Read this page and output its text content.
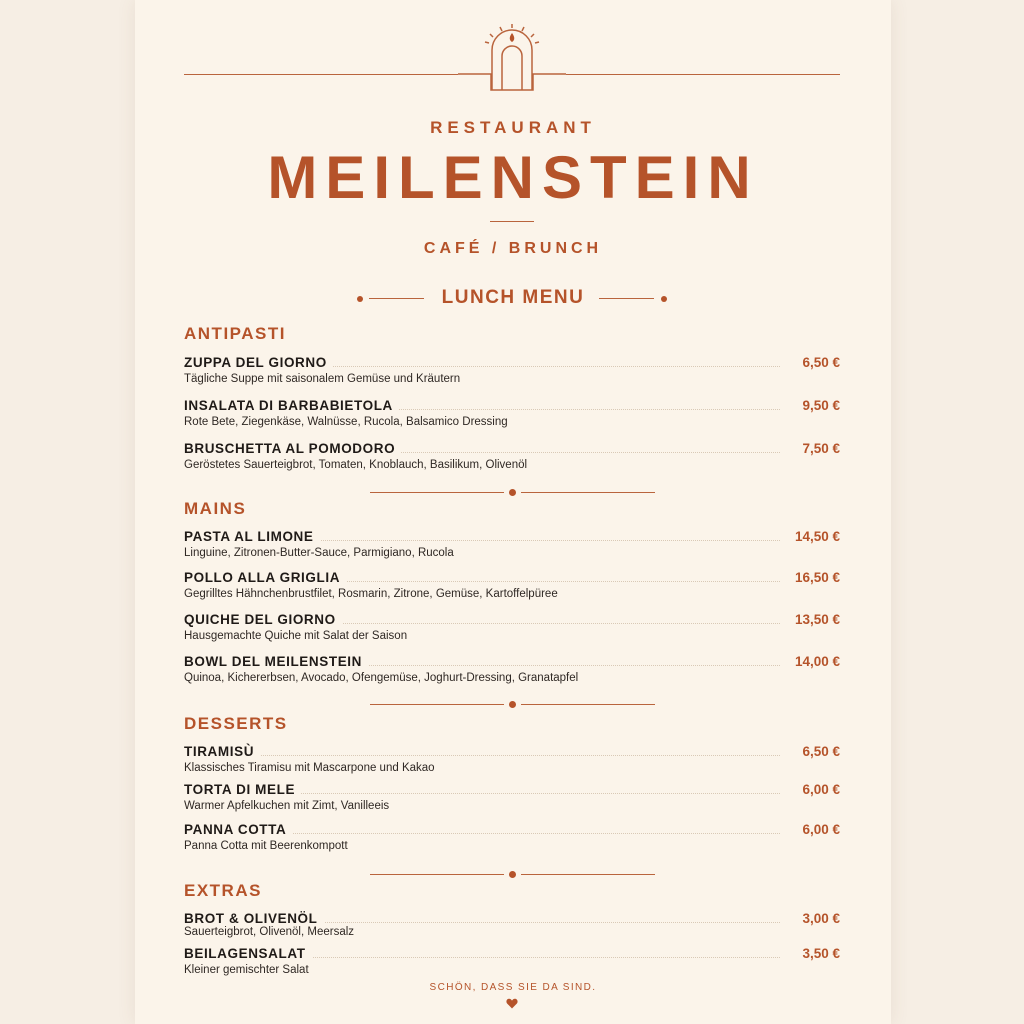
RESTAURANT
MEILENSTEIN
CAFÉ / BRUNCH
LUNCH MENU
ANTIPASTI
ZUPPA DEL GIORNO	6,50 €
Tägliche Suppe mit saisonalem Gemüse und Kräutern
INSALATA DI BARBABIETOLA	9,50 €
Rote Bete, Ziegenkäse, Walnüsse, Rucola, Balsamico Dressing
BRUSCHETTA AL POMODORO	7,50 €
Geröstetes Sauerteigbrot, Tomaten, Knoblauch, Basilikum, Olivenöl
MAINS
PASTA AL LIMONE	14,50 €
Linguine, Zitronen-Butter-Sauce, Parmigiano, Rucola
POLLO ALLA GRIGLIA	16,50 €
Gegrilltes Hähnchenbrustfilet, Rosmarin, Zitrone, Gemüse, Kartoffelpüree
QUICHE DEL GIORNO	13,50 €
Hausgemachte Quiche mit Salat der Saison
BOWL DEL MEILENSTEIN	14,00 €
Quinoa, Kichererbsen, Avocado, Ofengemüse, Joghurt-Dressing, Granatapfel
DESSERTS
TIRAMISÙ	6,50 €
Klassisches Tiramisu mit Mascarpone und Kakao
TORTA DI MELE	6,00 €
Warmer Apfelkuchen mit Zimt, Vanilleeis
PANNA COTTA	6,00 €
Panna Cotta mit Beerenkompott
EXTRAS
BROT & OLIVENÖL	3,00 €
Sauerteigbrot, Olivenöl, Meersalz
BEILAGENSALAT	3,50 €
Kleiner gemischter Salat
SCHÖN, DASS SIE DA SIND.
